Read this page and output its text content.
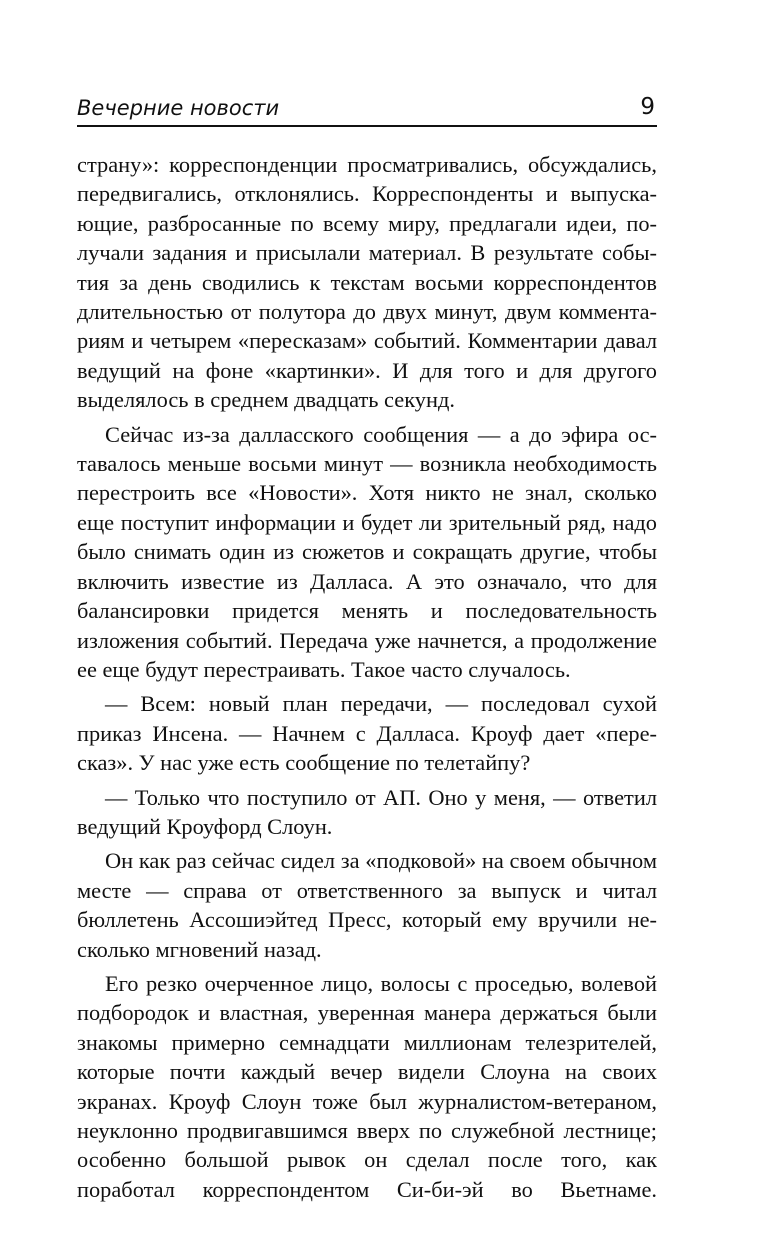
Вечерние новости	9

страну»: корреспонденции просматривались, обсуждались, передвигались, отклонялись. Корреспонденты и выпускающие, разбросанные по всему миру, предлагали идеи, получали задания и присылали материал. В результате события за день сводились к текстам восьми корреспондентов длительностью от полутора до двух минут, двум комментариям и четырем «пересказам» событий. Комментарии давал ведущий на фоне «картинки». И для того и для другого выделялось в среднем двадцать секунд.

Сейчас из-за далласского сообщения — а до эфира оставалось меньше восьми минут — возникла необходимость перестроить все «Новости». Хотя никто не знал, сколько еще поступит информации и будет ли зрительный ряд, надо было снимать один из сюжетов и сокращать другие, чтобы включить известие из Далласа. А это означало, что для балансировки придется менять и последовательность изложения событий. Передача уже начнется, а продолжение ее еще будут перестраивать. Такое часто случалось.

— Всем: новый план передачи, — последовал сухой приказ Инсена. — Начнем с Далласа. Кроуф дает «пересказ». У нас уже есть сообщение по телетайпу?

— Только что поступило от АП. Оно у меня, — ответил ведущий Кроуфорд Слоун.

Он как раз сейчас сидел за «подковой» на своем обычном месте — справа от ответственного за выпуск и читал бюллетень Ассошиэйтед Пресс, который ему вручили несколько мгновений назад.

Его резко очерченное лицо, волосы с проседью, волевой подбородок и властная, уверенная манера держаться были знакомы примерно семнадцати миллионам телезрителей, которые почти каждый вечер видели Слоуна на своих экранах. Кроуф Слоун тоже был журналистом-ветераном, неуклонно продвигавшимся вверх по служебной лестнице; особенно большой рывок он сделал после того, как поработал корреспондентом Си-би-эй во Вьетнаме.
